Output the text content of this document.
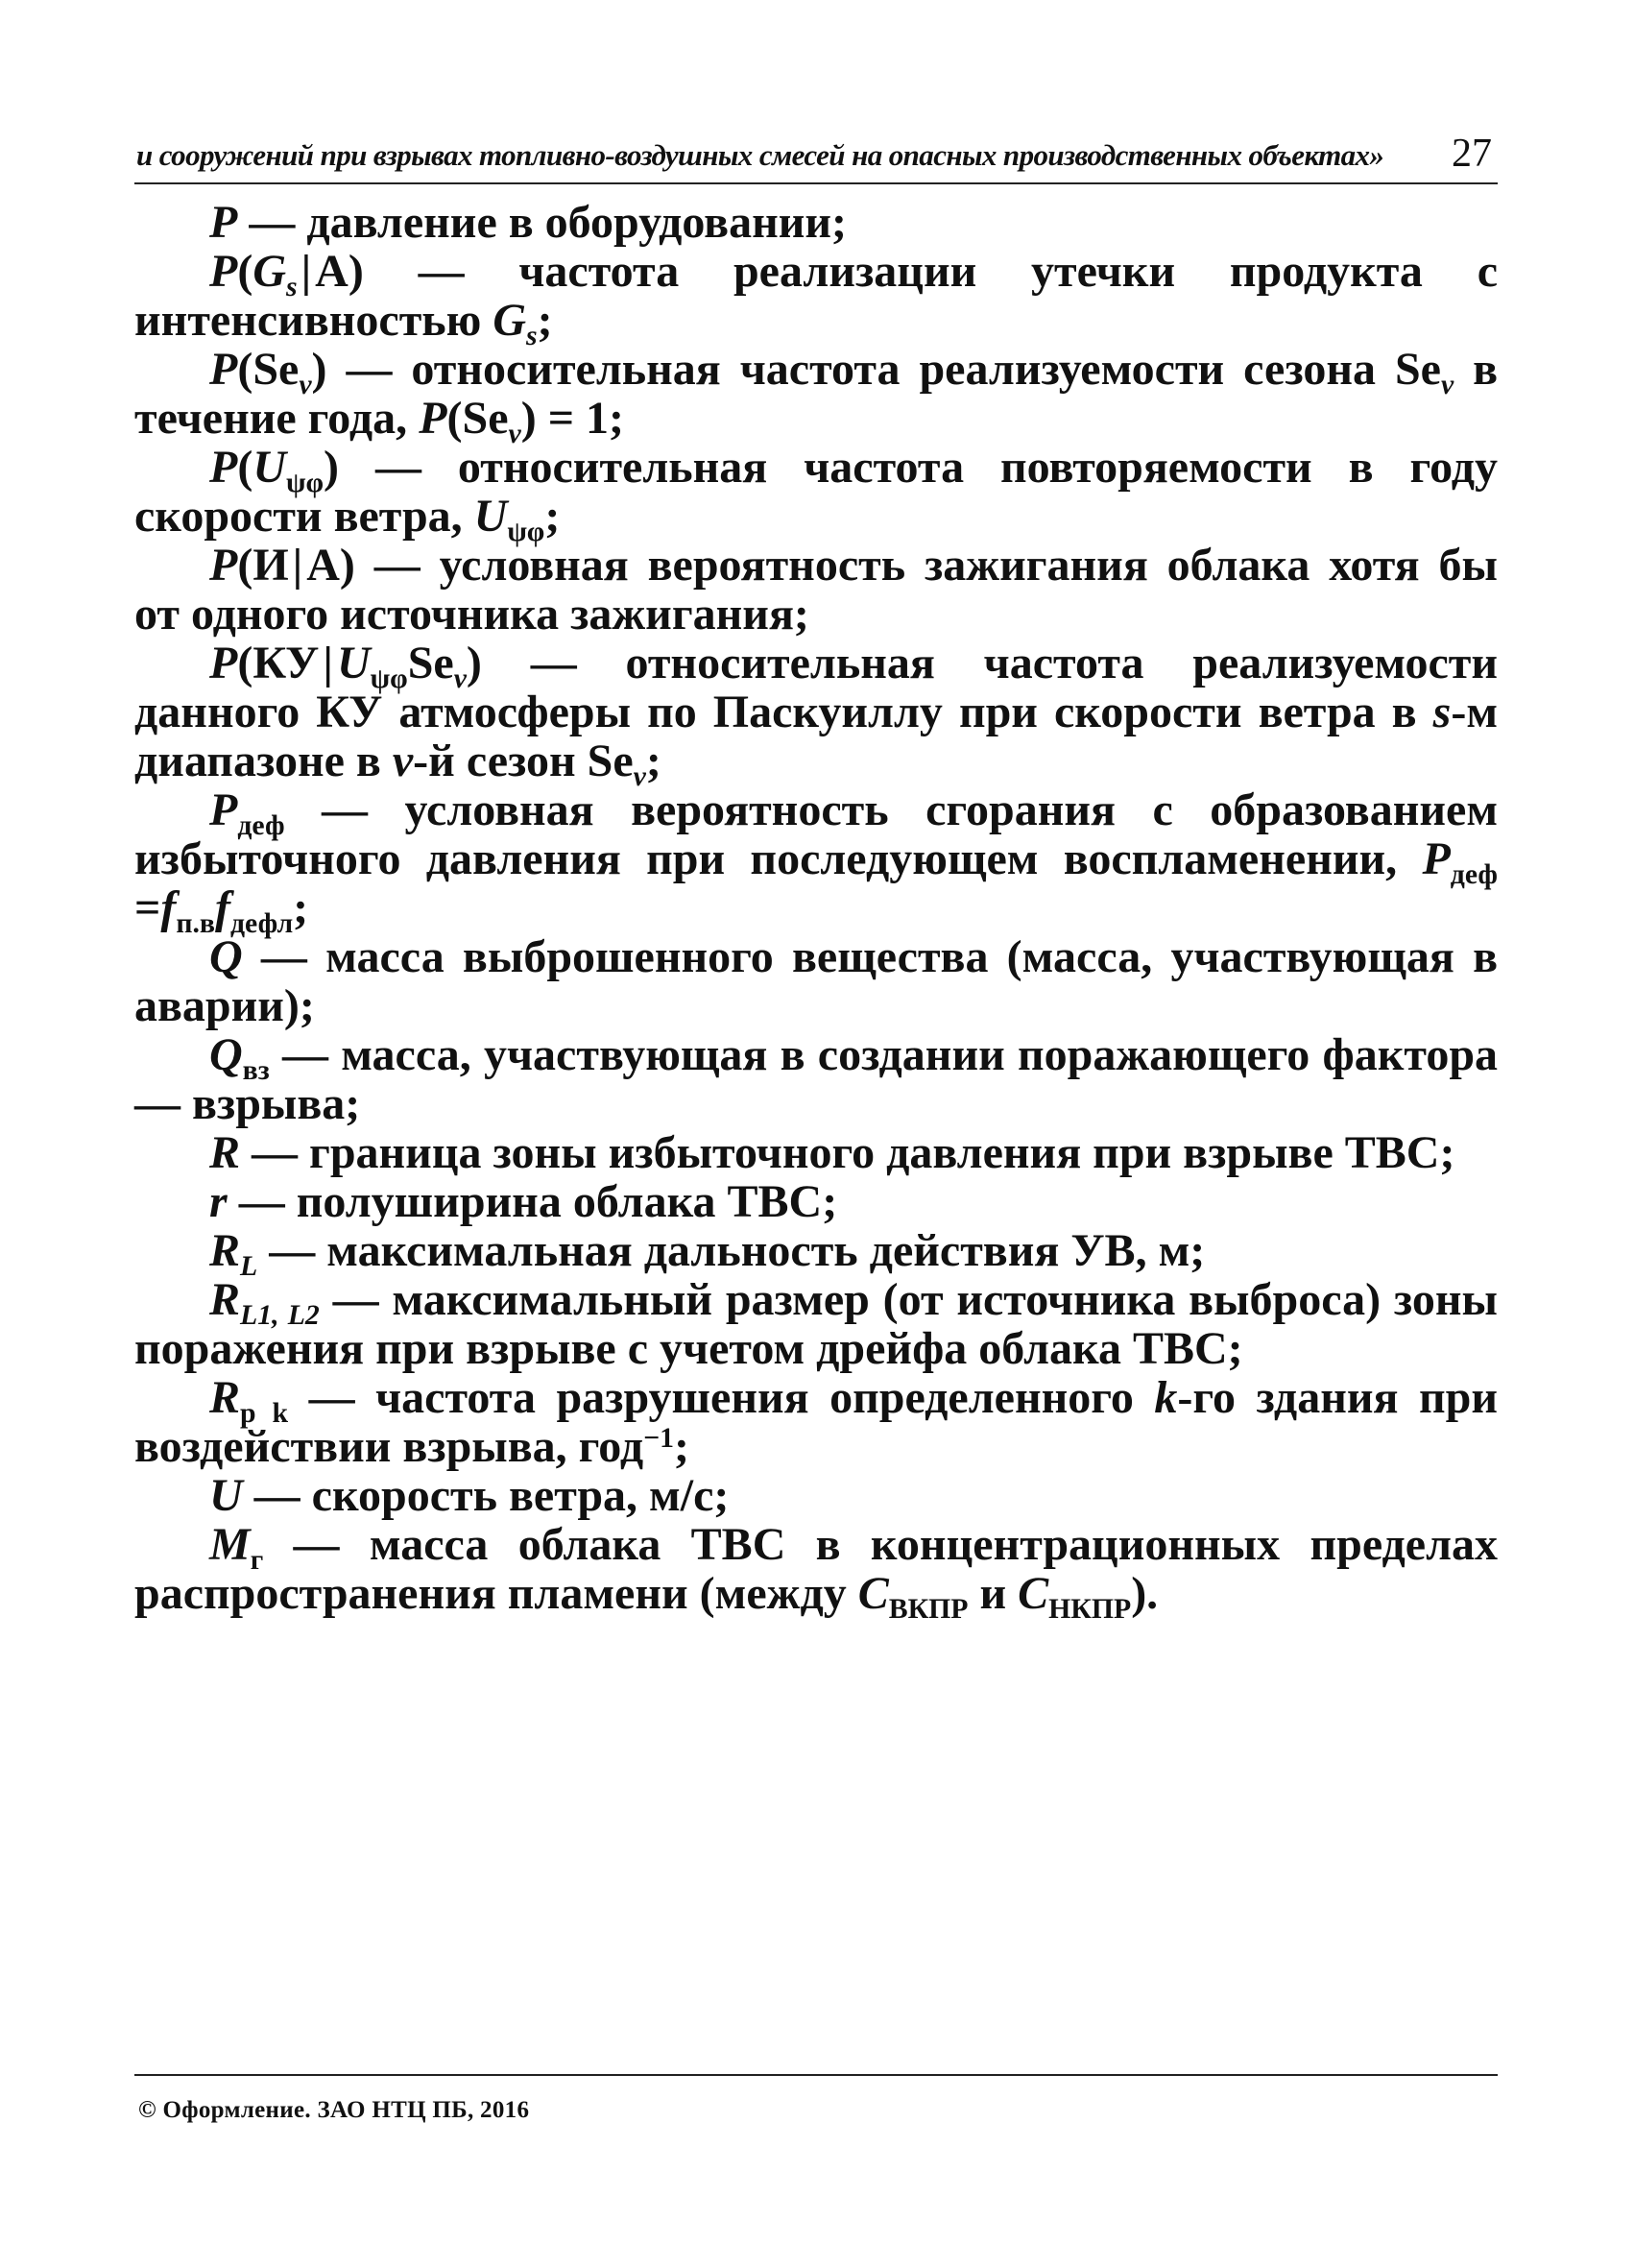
и сооружений при взрывах топливно-воздушных смесей на опасных производственных объектах» 27

P — давление в оборудовании;

$P(G_s$ | A) — частота реализации утечки продукта с интенсивностью $G_s$;

$P(Se_v)$ — относительная частота реализуемости сезона $Se_v$ в течение года, $P(Se_v) = 1$;

$P(U_{\psi\varphi})$ — относительная частота повторяемости в году скорости ветра, $U_{\psi\varphi}$;

P(И | A) — условная вероятность зажигания облака хотя бы от одного источника зажигания;

P(КУ | $U_{\psi\varphi}Se_v$) — относительная частота реализуемости данного КУ атмосферы по Паскуиллу при скорости ветра в s-м диапазоне в v-й сезон $Se_v$;

$P_{деф}$ — условная вероятность сгорания с образованием избыточного давления при последующем воспламенении, $P_{деф} =f_{п.в}f_{дефл}$;

Q — масса выброшенного вещества (масса, участвующая в аварии);

$Q_{вз}$ — масса, участвующая в создании поражающего фактора — взрыва;

R — граница зоны избыточного давления при взрыве ТВС;

r — полуширина облака ТВС;

$R_L$ — максимальная дальность действия УВ, м;

$R_{L1, L2}$ — максимальный размер (от источника выброса) зоны поражения при взрыве с учетом дрейфа облака ТВС;

$R_{р k}$ — частота разрушения определенного k-го здания при воздействии взрыва, год$^{-1}$;

U — скорость ветра, м/с;

$M_г$ — масса облака ТВС в концентрационных пределах распространения пламени (между $C_{ВКПР}$ и $C_{НКПР}$).

© Оформление. ЗАО НТЦ ПБ, 2016
